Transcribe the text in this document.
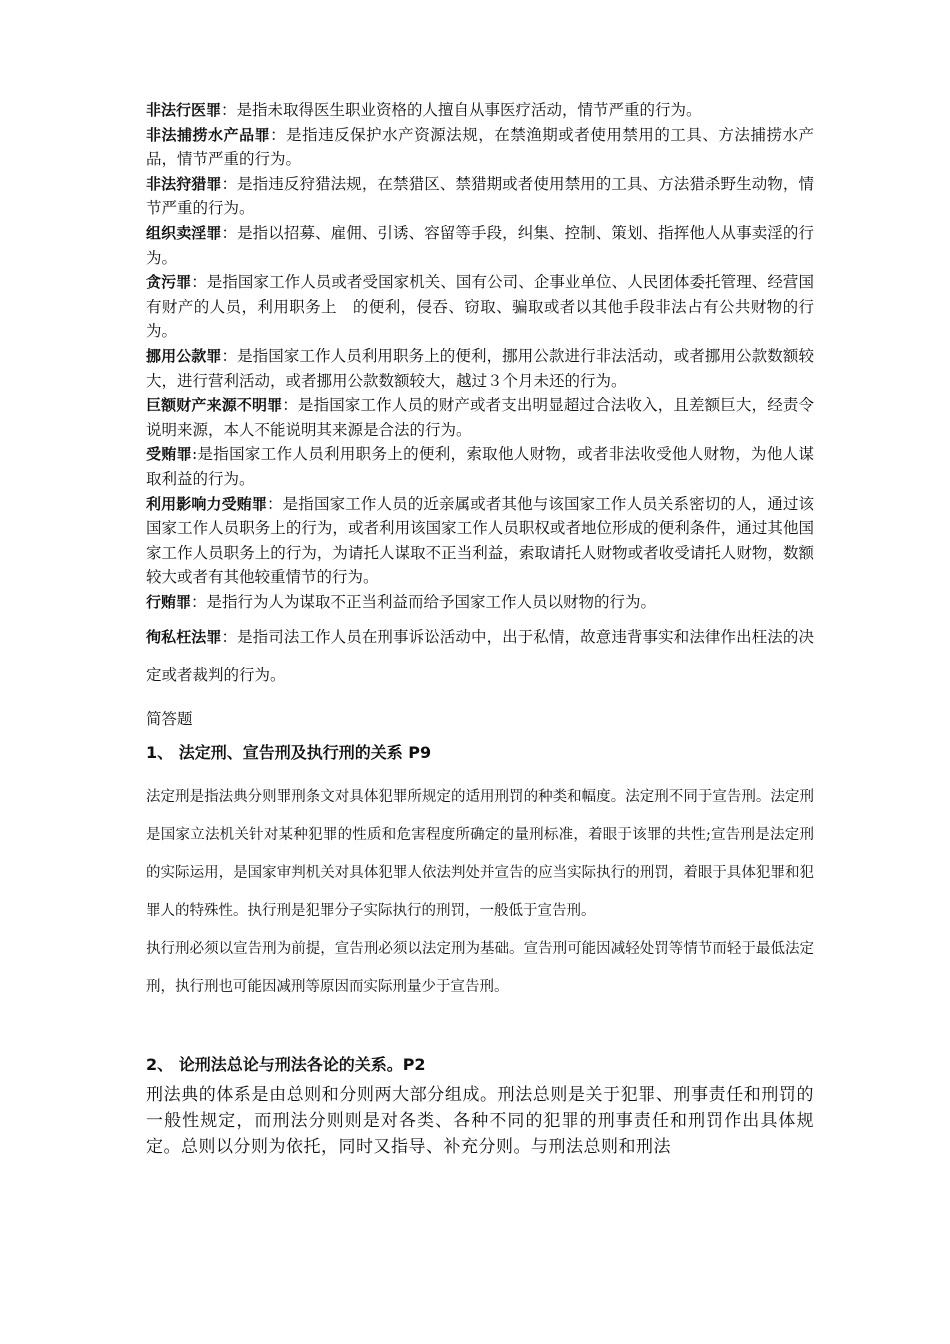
非法行医罪：是指未取得医生职业资格的人擅自从事医疗活动，情节严重的行为。

非法捕捞水产品罪：是指违反保护水产资源法规，在禁渔期或者使用禁用的工具、方法捕捞水产品，情节严重的行为。

非法狩猎罪：是指违反狩猎法规，在禁猎区、禁猎期或者使用禁用的工具、方法猎杀野生动物，情节严重的行为。

组织卖淫罪：是指以招募、雇佣、引诱、容留等手段，纠集、控制、策划、指挥他人从事卖淫的行为。

贪污罪：是指国家工作人员或者受国家机关、国有公司、企事业单位、人民团体委托管理、经营国有财产的人员，利用职务上　的便利，侵吞、窃取、骗取或者以其他手段非法占有公共财物的行为。

挪用公款罪：是指国家工作人员利用职务上的便利，挪用公款进行非法活动，或者挪用公款数额较大，进行营利活动，或者挪用公款数额较大，越过３个月未还的行为。

巨额财产来源不明罪：是指国家工作人员的财产或者支出明显超过合法收入，且差额巨大，经责令说明来源，本人不能说明其来源是合法的行为。

受贿罪:是指国家工作人员利用职务上的便利，索取他人财物，或者非法收受他人财物，为他人谋取利益的行为。

利用影响力受贿罪：是指国家工作人员的近亲属或者其他与该国家工作人员关系密切的人，通过该国家工作人员职务上的行为，或者利用该国家工作人员职权或者地位形成的便利条件，通过其他国家工作人员职务上的行为，为请托人谋取不正当利益，索取请托人财物或者收受请托人财物，数额较大或者有其他较重情节的行为。

行贿罪：是指行为人为谋取不正当利益而给予国家工作人员以财物的行为。

徇私枉法罪：是指司法工作人员在刑事诉讼活动中，出于私情，故意违背事实和法律作出枉法的决定或者裁判的行为。

简答题

1、 法定刑、宣告刑及执行刑的关系 P9

法定刑是指法典分则罪刑条文对具体犯罪所规定的适用刑罚的种类和幅度。法定刑不同于宣告刑。法定刑是国家立法机关针对某种犯罪的性质和危害程度所确定的量刑标准，着眼于该罪的共性;宣告刑是法定刑的实际运用，是国家审判机关对具体犯罪人依法判处并宣告的应当实际执行的刑罚，着眼于具体犯罪和犯罪人的特殊性。执行刑是犯罪分子实际执行的刑罚，一般低于宣告刑。

执行刑必须以宣告刑为前提，宣告刑必须以法定刑为基础。宣告刑可能因减轻处罚等情节而轻于最低法定刑，执行刑也可能因减刑等原因而实际刑量少于宣告刑。

2、 论刑法总论与刑法各论的关系。P2

刑法典的体系是由总则和分则两大部分组成。刑法总则是关于犯罪、刑事责任和刑罚的一般性规定，而刑法分则则是对各类、各种不同的犯罪的刑事责任和刑罚作出具体规定。总则以分则为依托，同时又指导、补充分则。与刑法总则和刑法
